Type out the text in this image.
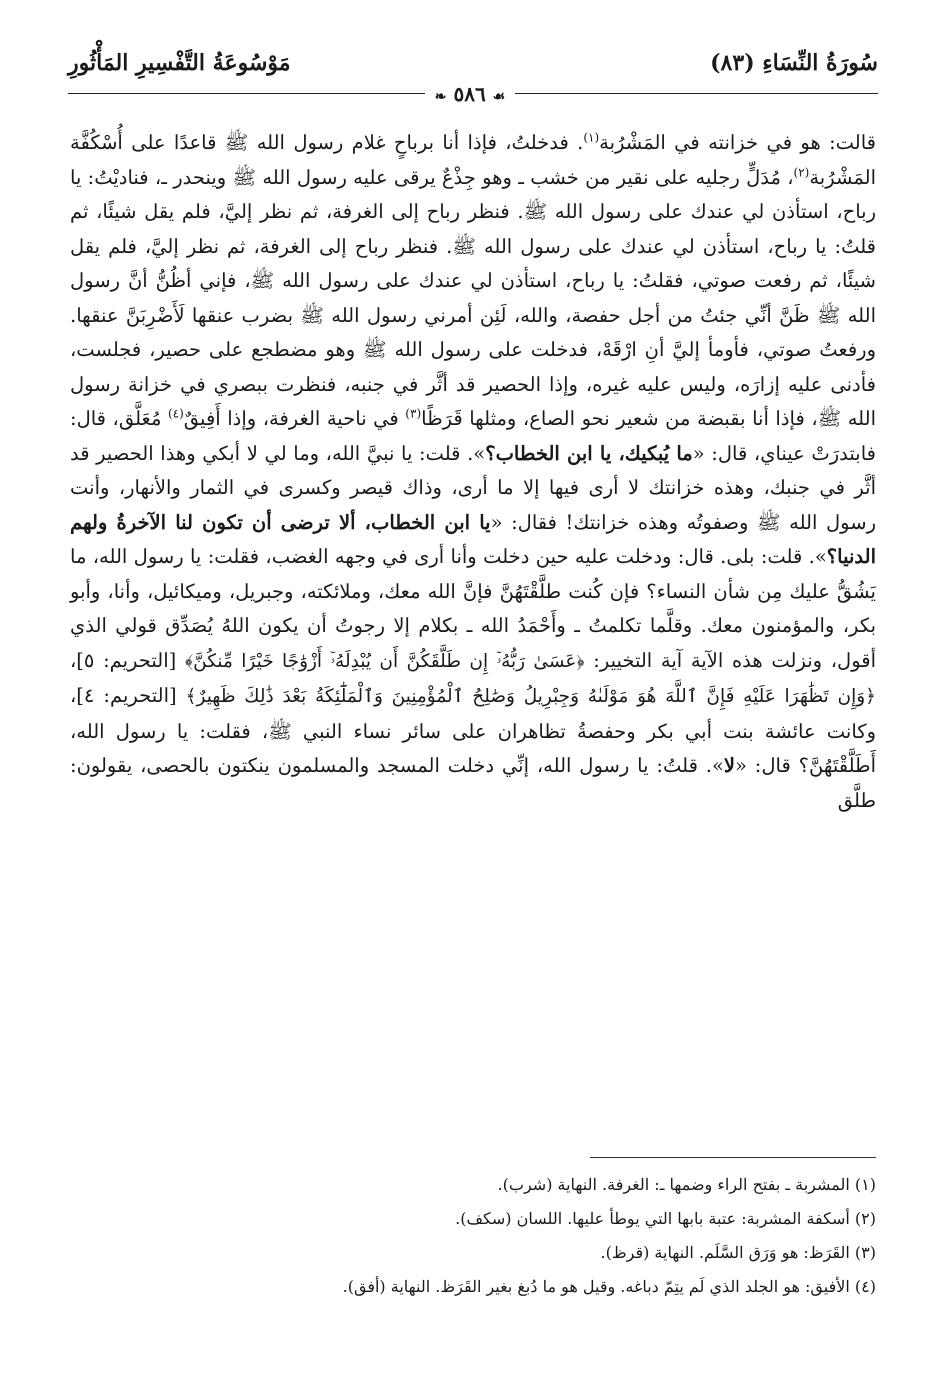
سُورَةُ النِّسَاءِ (٨٣)
مَوْسُوعَةُ التَّفْسِيرِ المَأْثُورِ
☙ ٥٨٦ ❧

قالت: هو في خزانته في المَشْرُبة$^{(١)}$. فدخلتُ، فإذا أنا برباحٍ غلام رسول الله ﷺ قاعدًا على أُسْكُفَّة المَشْرُبة$^{(٢)}$، مُدَلٍّ رجليه على نقير من خشب ـ وهو جِذْعٌ يرقى عليه رسول الله ﷺ وينحدر ـ، فناديْتُ: يا رباح، استأذن لي عندك على رسول الله ﷺ. فنظر رباح إلى الغرفة، ثم نظر إليَّ، فلم يقل شيئًا، ثم قلتُ: يا رباح، استأذن لي عندك على رسول الله ﷺ. فنظر رباح إلى الغرفة، ثم نظر إليَّ، فلم يقل شيئًا، ثم رفعت صوتي، فقلتُ: يا رباح، استأذن لي عندك على رسول الله ﷺ، فإني أظُنُّ أنَّ رسول الله ﷺ ظَنَّ أنِّي جئتُ من أجل حفصة، والله، لَئِن أمرني رسول الله ﷺ بضرب عنقها لَأَضْرِبَنَّ عنقها. ورفعتُ صوتي، فأومأ إليَّ أنِ ارْقَهْ، فدخلت على رسول الله ﷺ وهو مضطجع على حصير، فجلست، فأدنى عليه إزارَه، وليس عليه غيره، وإذا الحصير قد أثَّر في جنبه، فنظرت ببصري في خزانة رسول الله ﷺ، فإذا أنا بقبضة من شعير نحو الصاع، ومثلها قَرَظًا$^{(٣)}$ في ناحية الغرفة، وإذا أَفِيقٌ$^{(٤)}$ مُعَلَّق، قال: فابتدرَتْ عيناي، قال: «ما يُبكيك، يا ابن الخطاب؟». قلت: يا نبيَّ الله، وما لي لا أبكي وهذا الحصير قد أثَّر في جنبك، وهذه خزانتك لا أرى فيها إلا ما أرى، وذاك قيصر وكسرى في الثمار والأنهار، وأنت رسول الله ﷺ وصفوتُه وهذه خزانتك! فقال: «يا ابن الخطاب، ألا ترضى أن تكون لنا الآخرةُ ولهم الدنيا؟». قلت: بلى. قال: ودخلت عليه حين دخلت وأنا أرى في وجهه الغضب، فقلت: يا رسول الله، ما يَشُقُّ عليك مِن شأن النساء؟ فإن كُنت طلَّقْتَهُنَّ فإنَّ الله معك، وملائكته، وجبريل، وميكائيل، وأنا، وأبو بكر، والمؤمنون معك. وقلَّما تكلمتُ ـ وأَحْمَدُ الله ـ بكلام إلا رجوتُ أن يكون اللهُ يُصَدِّق قولي الذي أقول، ونزلت هذه الآية آية التخيير: ﴿عَسَىٰ رَبُّهُۥٓ إِن طَلَّقَكُنَّ أَن يُبْدِلَهُۥٓ أَزْوَٰجًا خَيْرًا مِّنكُنَّ﴾ [التحريم: ٥]، ﴿وَإِن تَظَٰهَرَا عَلَيْهِ فَإِنَّ ٱللَّهَ هُوَ مَوْلَىٰهُ وَجِبْرِيلُ وَصَٰلِحُ ٱلْمُؤْمِنِينَ وَٱلْمَلَٰٓئِكَةُ بَعْدَ ذَٰلِكَ ظَهِيرٌ﴾ [التحريم: ٤]، وكانت عائشة بنت أبي بكر وحفصةُ تظاهران على سائر نساء النبي ﷺ، فقلت: يا رسول الله، أَطَلَّقْتَهُنَّ؟ قال: «لا». قلتُ: يا رسول الله، إنِّي دخلت المسجد والمسلمون ينكتون بالحصى، يقولون: طلَّق

(١) المشربة ـ بفتح الراء وضمها ـ: الغرفة. النهاية (شرب).
(٢) أسكفة المشربة: عتبة بابها التي يوطأ عليها. اللسان (سكف).
(٣) القَرَظ: هو وَرَق السَّلَم. النهاية (قرظ).
(٤) الأفيق: هو الجلد الذي لَم يتِمّ دباغه. وقيل هو ما دُبغ بغير القَرَظ. النهاية (أفق).
